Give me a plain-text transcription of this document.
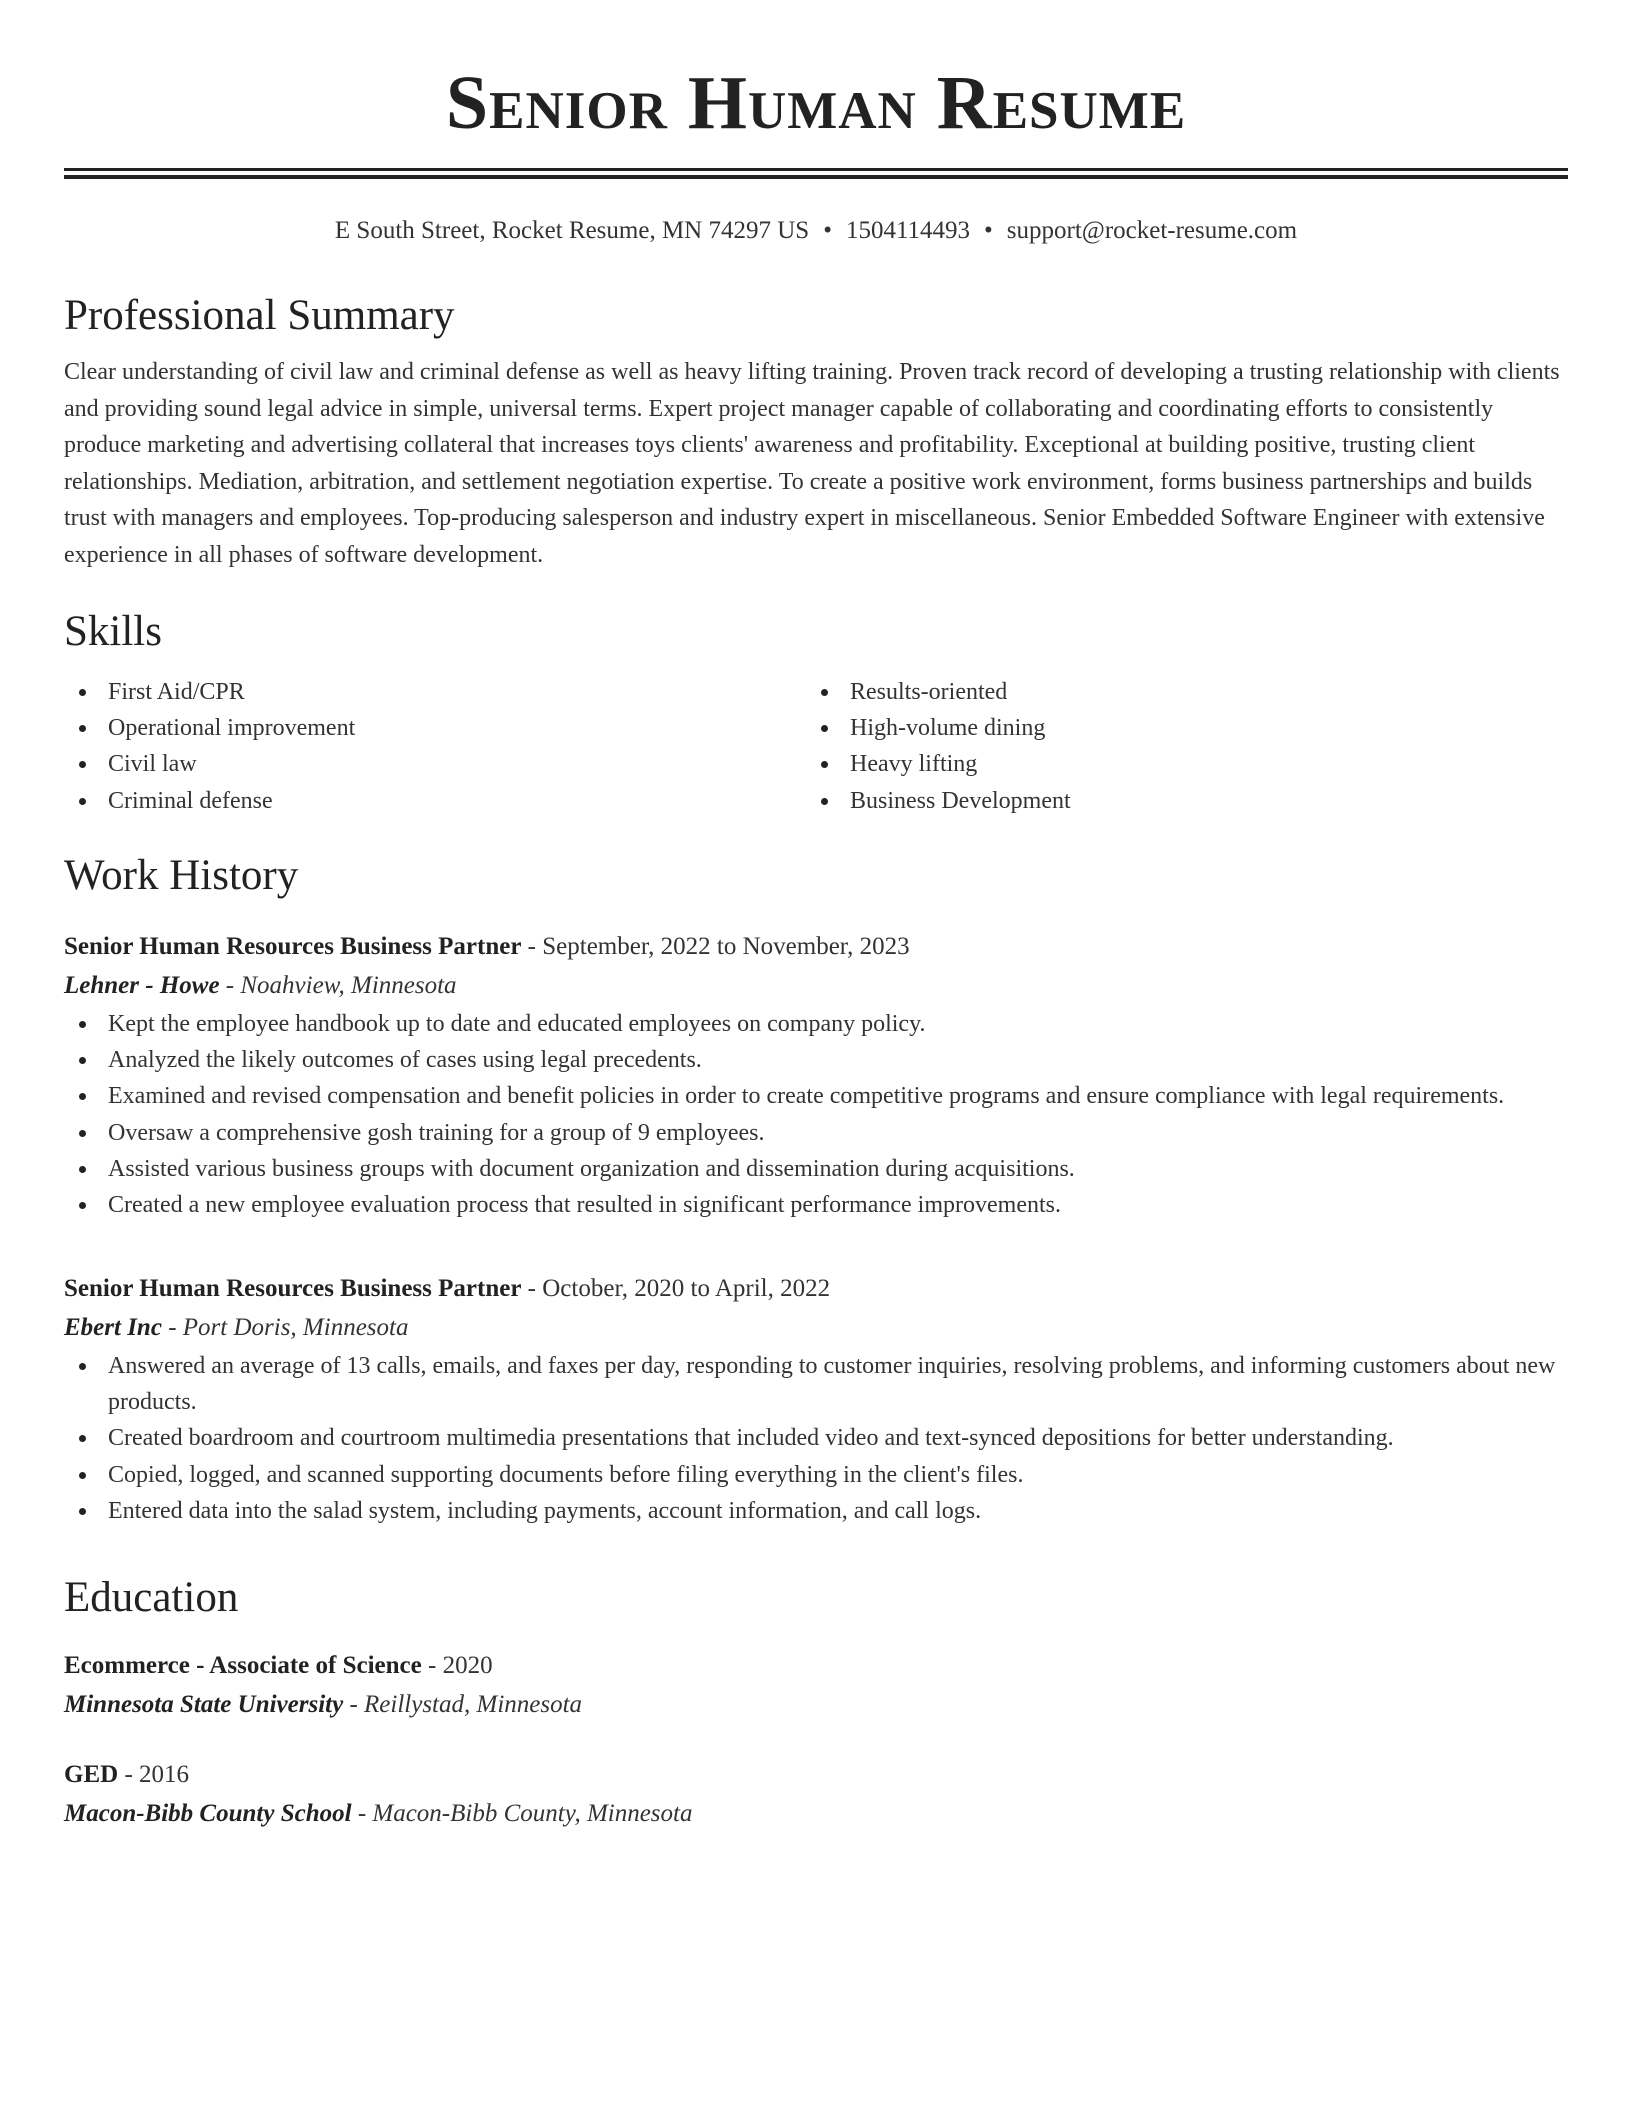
Senior Human Resume
E South Street, Rocket Resume, MN 74297 US • 1504114493 • support@rocket-resume.com
Professional Summary

Clear understanding of civil law and criminal defense as well as heavy lifting training. Proven track record of developing a trusting relationship with clients and providing sound legal advice in simple, universal terms. Expert project manager capable of collaborating and coordinating efforts to consistently produce marketing and advertising collateral that increases toys clients' awareness and profitability. Exceptional at building positive, trusting client relationships. Mediation, arbitration, and settlement negotiation expertise. To create a positive work environment, forms business partnerships and builds trust with managers and employees. Top-producing salesperson and industry expert in miscellaneous. Senior Embedded Software Engineer with extensive experience in all phases of software development.

Skills
First Aid/CPR
Operational improvement
Civil law
Criminal defense
Results-oriented
High-volume dining
Heavy lifting
Business Development
Work History
Senior Human Resources Business Partner - September, 2022 to November, 2023
Lehner - Howe - Noahview, Minnesota
Kept the employee handbook up to date and educated employees on company policy.
Analyzed the likely outcomes of cases using legal precedents.
Examined and revised compensation and benefit policies in order to create competitive programs and ensure compliance with legal requirements.
Oversaw a comprehensive gosh training for a group of 9 employees.
Assisted various business groups with document organization and dissemination during acquisitions.
Created a new employee evaluation process that resulted in significant performance improvements.
Senior Human Resources Business Partner - October, 2020 to April, 2022
Ebert Inc - Port Doris, Minnesota
Answered an average of 13 calls, emails, and faxes per day, responding to customer inquiries, resolving problems, and informing customers about new products.
Created boardroom and courtroom multimedia presentations that included video and text-synced depositions for better understanding.
Copied, logged, and scanned supporting documents before filing everything in the client's files.
Entered data into the salad system, including payments, account information, and call logs.
Education
Ecommerce - Associate of Science - 2020
Minnesota State University - Reillystad, Minnesota
GED - 2016
Macon-Bibb County School - Macon-Bibb County, Minnesota
